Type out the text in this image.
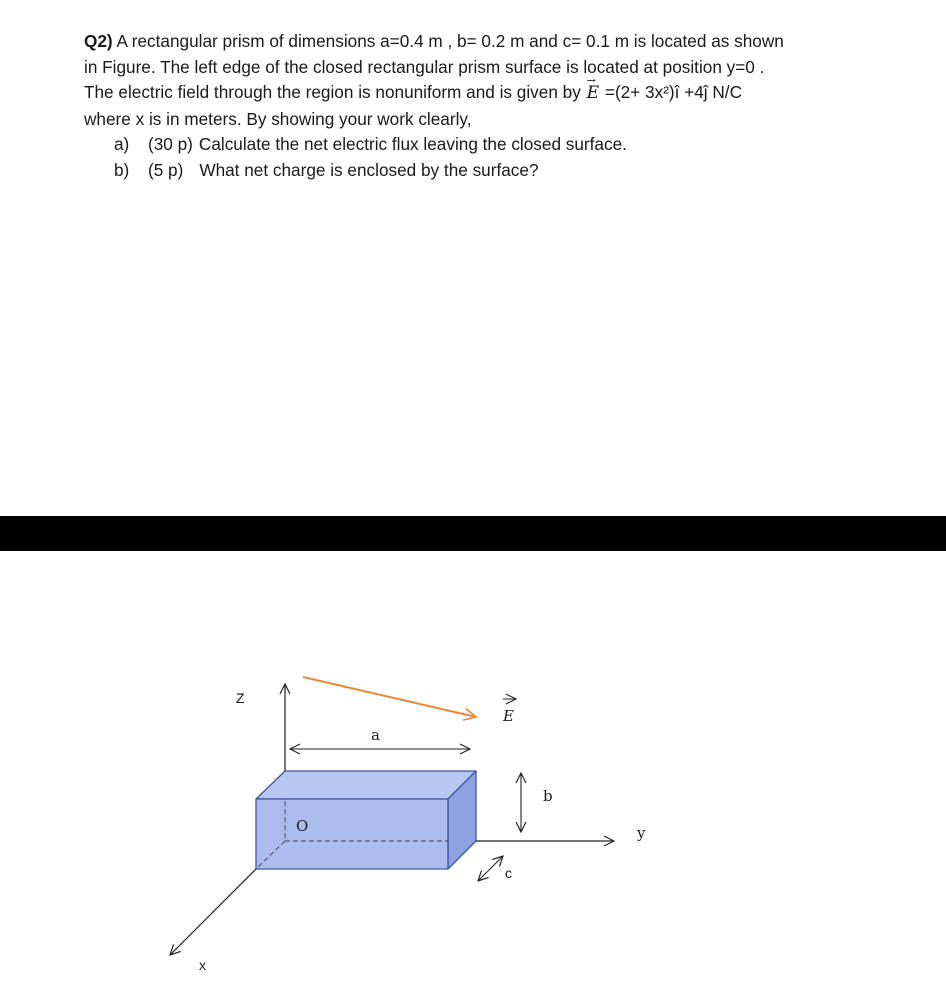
Q2) A rectangular prism of dimensions a=0.4 m , b= 0.2 m and c= 0.1 m is located as shown

in Figure. The left edge of the closed rectangular prism surface is located at position y=0 .

The electric field through the region is nonuniform and is given by → E =(2+ 3x²)î +4ĵ N/C

where x is in meters. By showing your work clearly,

a) (30 p) Calculate the net electric flux leaving the closed surface.

b) (5 p) What net charge is enclosed by the surface?

Z
E
a
b
O	y
c
x
